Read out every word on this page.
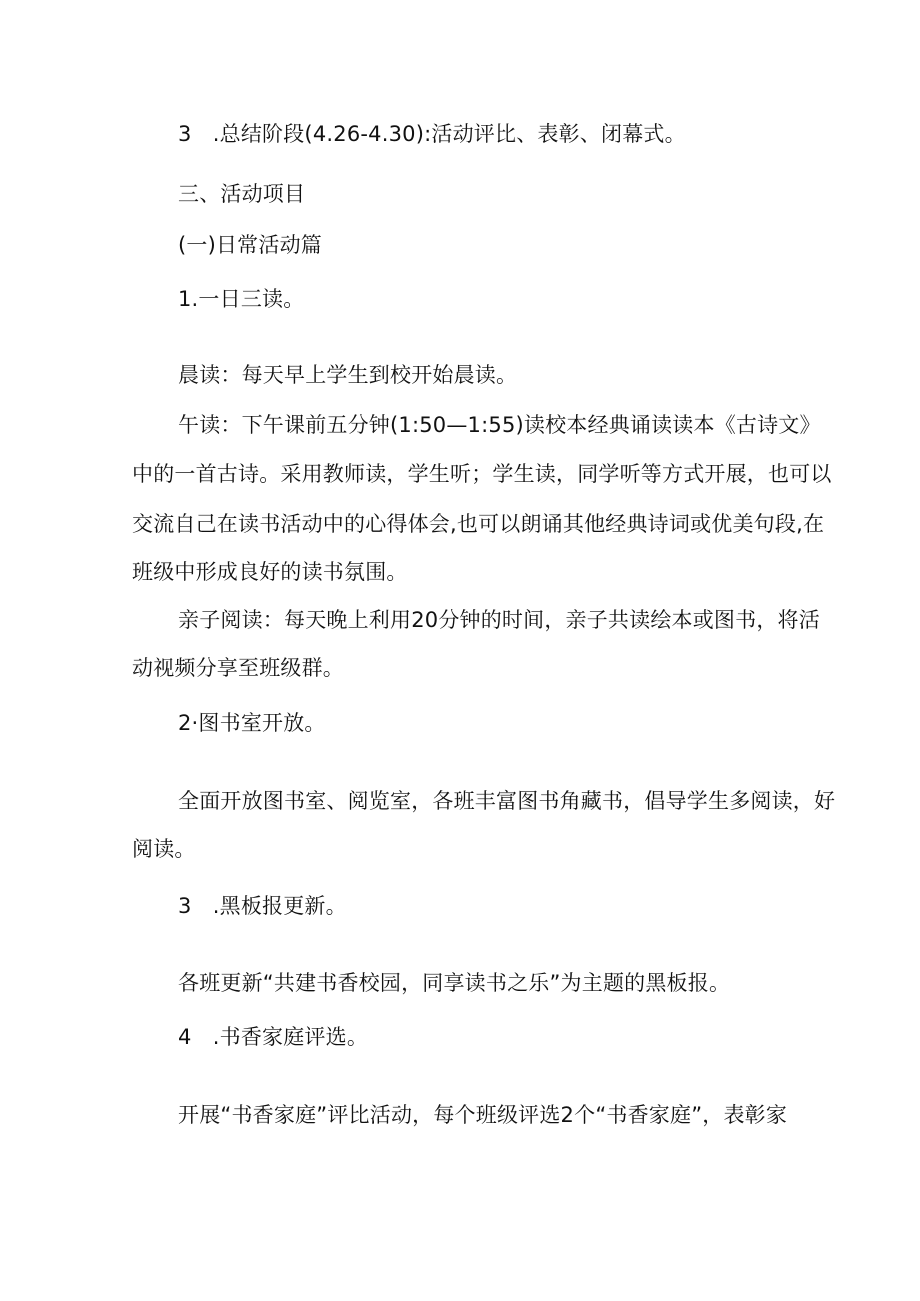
3 .总结阶段(4.26-4.30):活动评比、表彰、闭幕式。
三、活动项目
(一)日常活动篇
1.一日三读。
晨读：每天早上学生到校开始晨读。
午读：下午课前五分钟(1:50—1:55)读校本经典诵读读本《古诗文》
中的一首古诗。采用教师读，学生听；学生读，同学听等方式开展，也可以
交流自己在读书活动中的心得体会,也可以朗诵其他经典诗词或优美句段,在
班级中形成良好的读书氛围。
亲子阅读：每天晚上利用20分钟的时间，亲子共读绘本或图书，将活
动视频分享至班级群。
2·图书室开放。
全面开放图书室、阅览室，各班丰富图书角藏书，倡导学生多阅读，好
阅读。
3 .黑板报更新。
各班更新“共建书香校园，同享读书之乐”为主题的黑板报。
4 .书香家庭评选。
开展“书香家庭”评比活动，每个班级评选2个“书香家庭”，表彰家
